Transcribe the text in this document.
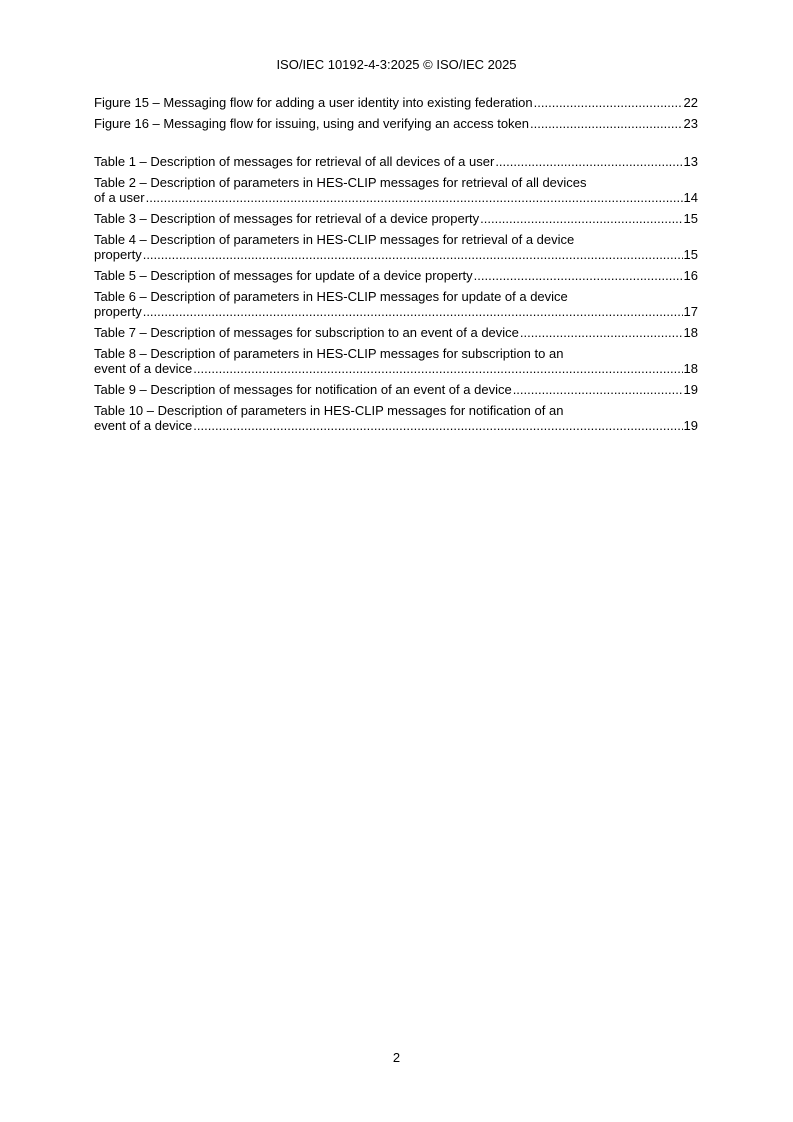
ISO/IEC 10192-4-3:2025 © ISO/IEC 2025
Figure 15 – Messaging flow for adding a user identity into existing federation .....	22
Figure 16 – Messaging flow for issuing, using and verifying an access token .....	23
Table 1 – Description of messages for retrieval of all devices of a user .....	13
Table 2 – Description of parameters in HES-CLIP messages for retrieval of all devices
of a user .....	14
Table 3 – Description of messages for retrieval of a device property .....	15
Table 4 – Description of parameters in HES-CLIP messages for retrieval of a device
property .....	15
Table 5 – Description of messages for update of a device property .....	16
Table 6 – Description of parameters in HES-CLIP messages for update of a device
property .....	17
Table 7 – Description of messages for subscription to an event of a device .....	18
Table 8 – Description of parameters in HES-CLIP messages for subscription to an
event of a device .....	18
Table 9 – Description of messages for notification of an event of a device .....	19
Table 10 – Description of parameters in HES-CLIP messages for notification of an
event of a device .....	19
2
